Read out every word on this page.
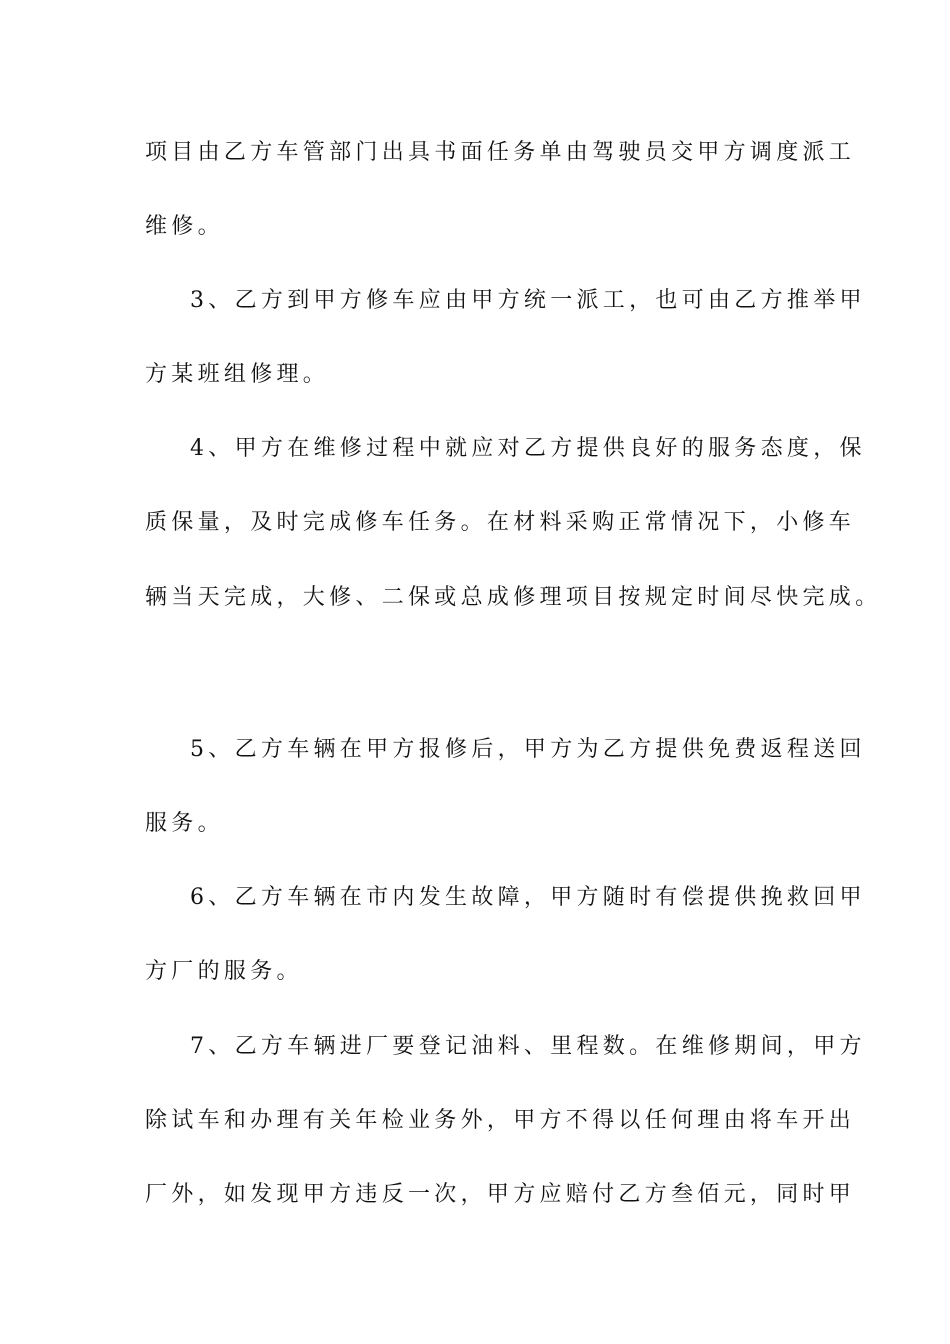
项目由乙方车管部门出具书面任务单由驾驶员交甲方调度派工

维修。

3、乙方到甲方修车应由甲方统一派工，也可由乙方推举甲

方某班组修理。

4、甲方在维修过程中就应对乙方提供良好的服务态度，保

质保量，及时完成修车任务。在材料采购正常情况下，小修车

辆当天完成，大修、二保或总成修理项目按规定时间尽快完成。

5、乙方车辆在甲方报修后，甲方为乙方提供免费返程送回

服务。

6、乙方车辆在市内发生故障，甲方随时有偿提供挽救回甲

方厂的服务。

7、乙方车辆进厂要登记油料、里程数。在维修期间，甲方

除试车和办理有关年检业务外，甲方不得以任何理由将车开出

厂外，如发现甲方违反一次，甲方应赔付乙方叁佰元，同时甲
